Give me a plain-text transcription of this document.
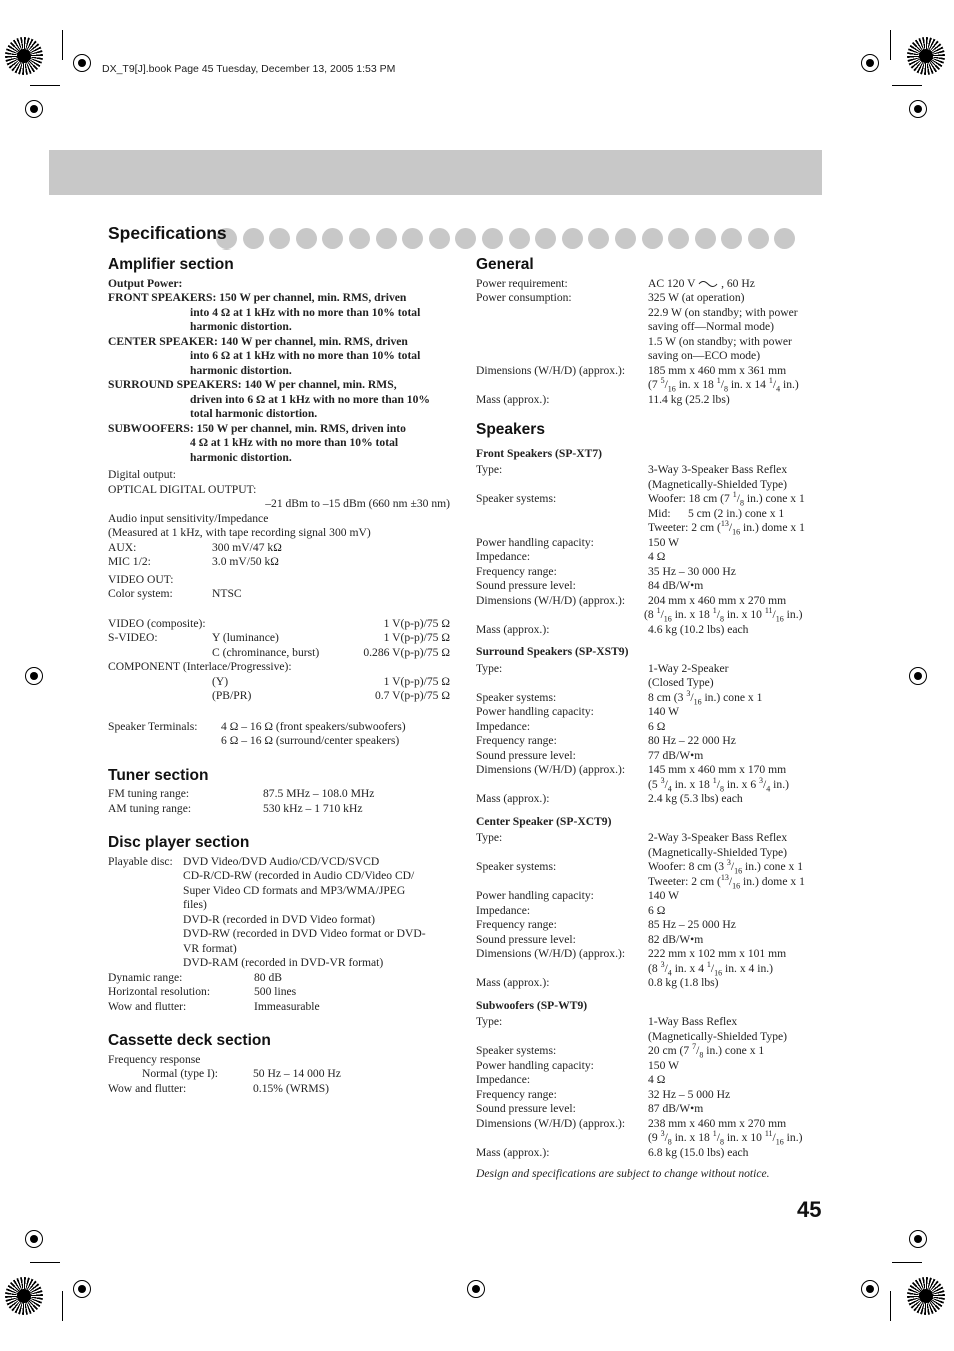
DX_T9[J].book Page 45 Tuesday, December 13, 2005 1:53 PM
Specifications
Amplifier section
Output Power:
FRONT SPEAKERS: 150 W per channel, min. RMS, driven
into 4 Ω at 1 kHz with no more than 10% total
harmonic distortion.
CENTER SPEAKER: 140 W per channel, min. RMS, driven
into 6 Ω at 1 kHz with no more than 10% total
harmonic distortion.
SURROUND SPEAKERS: 140 W per channel, min. RMS,
driven into 6 Ω at 1 kHz with no more than 10%
total harmonic distortion.
SUBWOOFERS: 150 W per channel, min. RMS, driven into
4 Ω at 1 kHz with no more than 10% total
harmonic distortion.
Digital output:
OPTICAL DIGITAL OUTPUT:
–21 dBm to –15 dBm (660 nm ±30 nm)
Audio input sensitivity/Impedance
(Measured at 1 kHz, with tape recording signal 300 mV)
AUX:	300 mV/47 kΩ
MIC 1/2:	3.0 mV/50 kΩ
VIDEO OUT:
Color system:	NTSC
VIDEO (composite):	1 V(p-p)/75 Ω
S-VIDEO:	Y (luminance)	1 V(p-p)/75 Ω
C (chrominance, burst)	0.286 V(p-p)/75 Ω
COMPONENT (Interlace/Progressive):
(Y)	1 V(p-p)/75 Ω
(PB/PR)	0.7 V(p-p)/75 Ω
Speaker Terminals: 4 Ω – 16 Ω (front speakers/subwoofers)
6 Ω – 16 Ω (surround/center speakers)
Tuner section
FM tuning range:	87.5 MHz – 108.0 MHz
AM tuning range:	530 kHz – 1 710 kHz
Disc player section
Playable disc: DVD Video/DVD Audio/CD/VCD/SVCD
CD-R/CD-RW (recorded in Audio CD/Video CD/
Super Video CD formats and MP3/WMA/JPEG
files)
DVD-R (recorded in DVD Video format)
DVD-RW (recorded in DVD Video format or DVD-
VR format)
DVD-RAM (recorded in DVD-VR format)
Dynamic range:	80 dB
Horizontal resolution:	500 lines
Wow and flutter:	Immeasurable
Cassette deck section
Frequency response
Normal (type I):	50 Hz – 14 000 Hz
Wow and flutter:	0.15% (WRMS)
General
Power requirement:	AC 120 V , 60 Hz
Power consumption:	325 W (at operation)
22.9 W (on standby; with power
saving off—Normal mode)
1.5 W (on standby; with power
saving on—ECO mode)
Dimensions (W/H/D) (approx.): 185 mm x 460 mm x 361 mm
(7 $^5/_{16}$ in. x 18 $^1/_8$ in. x 14 $^1/_4$ in.)
Mass (approx.):	11.4 kg (25.2 lbs)
Speakers
Front Speakers (SP-XT7)
Type:	3-Way 3-Speaker Bass Reflex
(Magnetically-Shielded Type)
Speaker systems:	Woofer: 18 cm (7 $^1/_8$ in.) cone x 1
Mid:      5 cm (2 in.) cone x 1
Tweeter: 2 cm ($^{13}/_{16}$ in.) dome x 1
Power handling capacity:	150 W
Impedance:	4 Ω
Frequency range:	35 Hz – 30 000 Hz
Sound pressure level:	84 dB/W•m
Dimensions (W/H/D) (approx.): 204 mm x 460 mm x 270 mm
(8 $^1/_{16}$ in. x 18 $^1/_8$ in. x 10 $^{11}/_{16}$ in.)
Mass (approx.):	4.6 kg (10.2 lbs) each
Surround Speakers (SP-XST9)
Type:	1-Way 2-Speaker
(Closed Type)
Speaker systems:	8 cm (3 $^3/_{16}$ in.) cone x 1
Power handling capacity:	140 W
Impedance:	6 Ω
Frequency range:	80 Hz – 22 000 Hz
Sound pressure level:	77 dB/W•m
Dimensions (W/H/D) (approx.): 145 mm x 460 mm x 170 mm
(5 $^3/_4$ in. x 18 $^1/_8$ in. x 6 $^3/_4$ in.)
Mass (approx.):	2.4 kg (5.3 lbs) each
Center Speaker (SP-XCT9)
Type:	2-Way 3-Speaker Bass Reflex
(Magnetically-Shielded Type)
Speaker systems:	Woofer: 8 cm (3 $^3/_{16}$ in.) cone x 1
Tweeter: 2 cm ($^{13}/_{16}$ in.) dome x 1
Power handling capacity:	140 W
Impedance:	6 Ω
Frequency range:	85 Hz – 25 000 Hz
Sound pressure level:	82 dB/W•m
Dimensions (W/H/D) (approx.): 222 mm x 102 mm x 101 mm
(8 $^3/_4$ in. x 4 $^1/_{16}$ in. x 4 in.)
Mass (approx.):	0.8 kg (1.8 lbs)
Subwoofers (SP-WT9)
Type:	1-Way Bass Reflex
(Magnetically-Shielded Type)
Speaker systems:	20 cm (7 $^7/_8$ in.) cone x 1
Power handling capacity:	150 W
Impedance:	4 Ω
Frequency range:	32 Hz – 5 000 Hz
Sound pressure level:	87 dB/W•m
Dimensions (W/H/D) (approx.): 238 mm x 460 mm x 270 mm
(9 $^3/_8$ in. x 18 $^1/_8$ in. x 10 $^{11}/_{16}$ in.)
Mass (approx.):	6.8 kg (15.0 lbs) each
Design and specifications are subject to change without notice.
45
